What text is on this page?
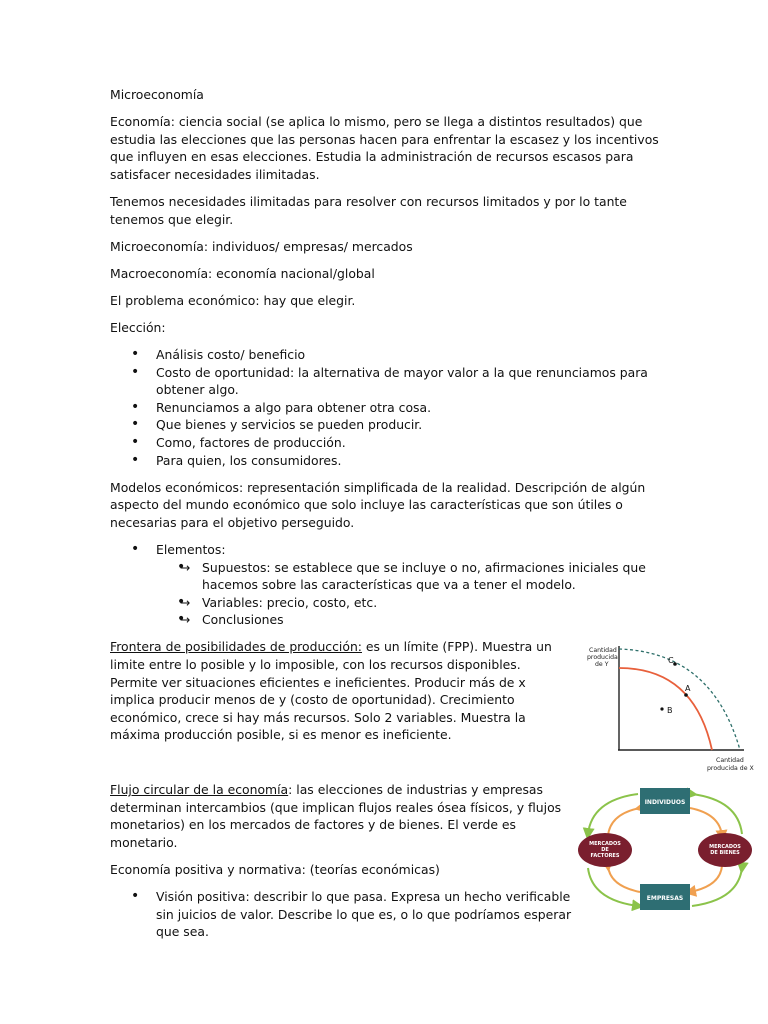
Microeconomía

Economía: ciencia social (se aplica lo mismo, pero se llega a distintos resultados) que estudia las elecciones que las personas hacen para enfrentar la escasez y los incentivos que influyen en esas elecciones. Estudia la administración de recursos escasos para satisfacer necesidades ilimitadas.

Tenemos necesidades ilimitadas para resolver con recursos limitados y por lo tante tenemos que elegir.

Microeconomía: individuos/ empresas/ mercados

Macroeconomía: economía nacional/global

El problema económico: hay que elegir.

Elección:

• Análisis costo/ beneficio
• Costo de oportunidad: la alternativa de mayor valor a la que renunciamos para obtener algo.
• Renunciamos a algo para obtener otra cosa.
• Que bienes y servicios se pueden producir.
• Como, factores de producción.
• Para quien, los consumidores.

Modelos económicos: representación simplificada de la realidad. Descripción de algún aspecto del mundo económico que solo incluye las características que son útiles o necesarias para el objetivo perseguido.

• Elementos:
• → Supuestos: se establece que se incluye o no, afirmaciones iniciales que hacemos sobre las características que va a tener el modelo.
• → Variables: precio, costo, etc.
• → Conclusiones

Frontera de posibilidades de producción: es un límite (FPP). Muestra un limite entre lo posible y lo imposible, con los recursos disponibles. Permite ver situaciones eficientes e ineficientes. Producir más de x implica producir menos de y (costo de oportunidad). Crecimiento económico, crece si hay más recursos. Solo 2 variables. Muestra la máxima producción posible, si es menor es ineficiente.

Flujo circular de la economía: las elecciones de industrias y empresas determinan intercambios (que implican flujos reales ósea físicos, y flujos monetarios) en los mercados de factores y de bienes. El verde es monetario.

Economía positiva y normativa: (teorías económicas)

• Visión positiva: describir lo que pasa. Expresa un hecho verificable sin juicios de valor. Describe lo que es, o lo que podríamos esperar que sea.
Cantidad
producida
de Y
Cantidad
producida de X
A
B
C
INDIVIDUOS
EMPRESAS
MERCADOS
DE
FACTORES
MERCADOS
DE BIENES
